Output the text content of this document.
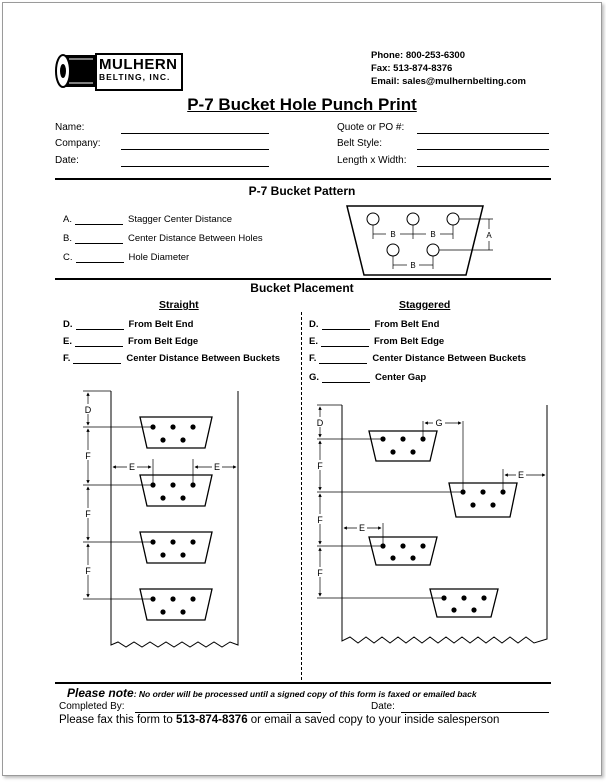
MULHERN
BELTING, INC.
Phone: 800-253-6300
Fax: 513-874-8376
Email: sales@mulhernbelting.com
P-7 Bucket Hole Punch Print
Name:
Company:
Date:
Quote or PO #:
Belt Style:
Length x Width:
P-7 Bucket Pattern
A.	Stagger Center Distance
B.	Center Distance Between Holes
C.	Hole Diameter
B	B
B
A
Bucket Placement
Straight	Staggered
D.	From Belt End
E.	From Belt Edge
F.	Center Distance Between Buckets
D.	From Belt End
E.	From Belt Edge
F.	Center Distance Between Buckets
G.	Center Gap
D
F
F
F
E	E
D
F
F
F
G
E
E
Please note: No order will be processed until a signed copy of this form is faxed or emailed back
Completed By:	Date:
Please fax this form to 513-874-8376 or email a saved copy to your inside salesperson
